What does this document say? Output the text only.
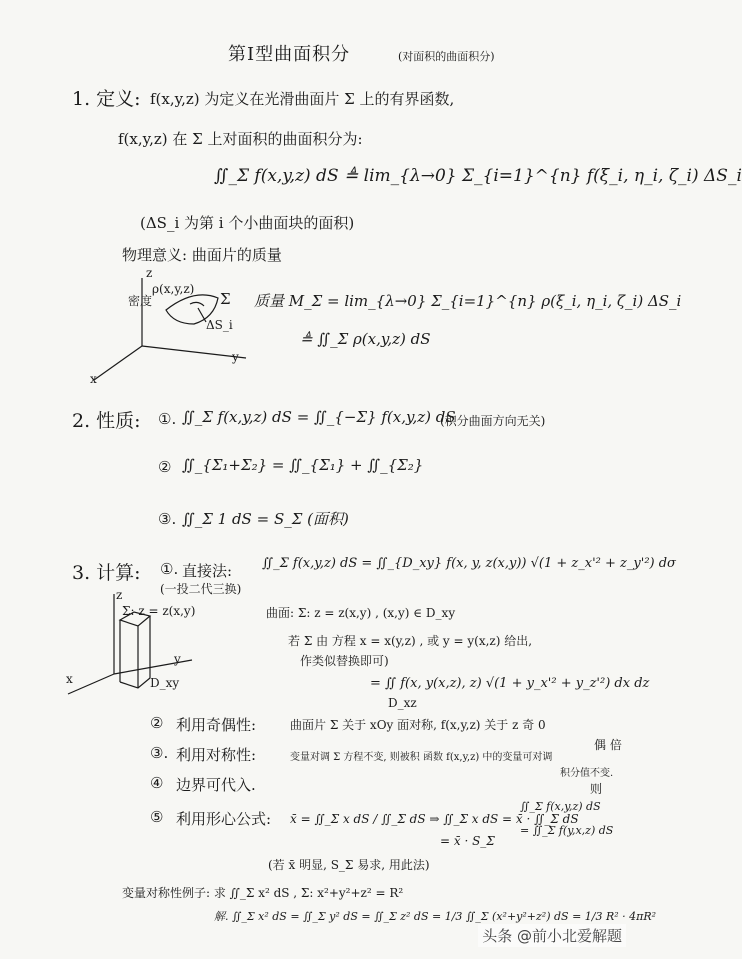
第Ⅰ型曲面积分	(对面积的曲面积分)
1. 定义: f(x,y,z) 为定义在光滑曲面片 Σ 上的有界函数,
f(x,y,z) 在 Σ 上对面积的曲面积分为:
∬_Σ f(x,y,z) dS ≜ lim_{λ→0} Σ_{i=1}^{n} f(ξ_i, η_i, ζ_i) ΔS_i
(ΔS_i 为第 i 个小曲面块的面积)
物理意义: 曲面片的质量
z
y
x
密度
ρ(x,y,z)
Σ
ΔS_i
质量 M_Σ = lim_{λ→0} Σ_{i=1}^{n} ρ(ξ_i, η_i, ζ_i) ΔS_i
≜ ∬_Σ ρ(x,y,z) dS
2. 性质: ①. ∬_Σ f(x,y,z) dS = ∬_{−Σ} f(x,y,z) dS
(积分曲面方向无关)
② ∬_{Σ₁+Σ₂} = ∬_{Σ₁} + ∬_{Σ₂}
③. ∬_Σ 1 dS = S_Σ (面积)
3. 计算: ①. 直接法:
(一投二代三换)
∬_Σ f(x,y,z) dS = ∬_{D_xy} f(x, y, z(x,y)) √(1 + z_x'² + z_y'²) dσ
z
Σ: z = z(x,y)
y
x	D_xy
曲面: Σ: z = z(x,y) , (x,y) ∈ D_xy
若 Σ 由 方程 x = x(y,z) , 或 y = y(x,z) 给出,
作类似替换即可)
= ∬ f(x, y(x,z), z) √(1 + y_x'² + y_z'²) dx dz
D_xz
② 利用奇偶性:	曲面片 Σ 关于 xOy 面对称, f(x,y,z) 关于 z 奇 0
偶 倍
③. 利用对称性:	变量对调 Σ 方程不变, 则被积 函数 f(x,y,z) 中的变量可对调
积分值不变.
④ 边界可代入.
⑤ 利用形心公式: x̄ = ∬_Σ x dS / ∬_Σ dS ⇒ ∬_Σ x dS = x̄ · ∬_Σ dS
= x̄ · S_Σ
(若 x̄ 明显, S_Σ 易求, 用此法)
则
∬_Σ f(x,y,z) dS
= ∬_Σ f(y,x,z) dS
变量对称性例子: 求 ∬_Σ x² dS , Σ: x²+y²+z² = R²
解. ∬_Σ x² dS = ∬_Σ y² dS = ∬_Σ z² dS = 1/3 ∬_Σ (x²+y²+z²) dS = 1/3 R² · 4πR²
头条 @前小北爱解题
